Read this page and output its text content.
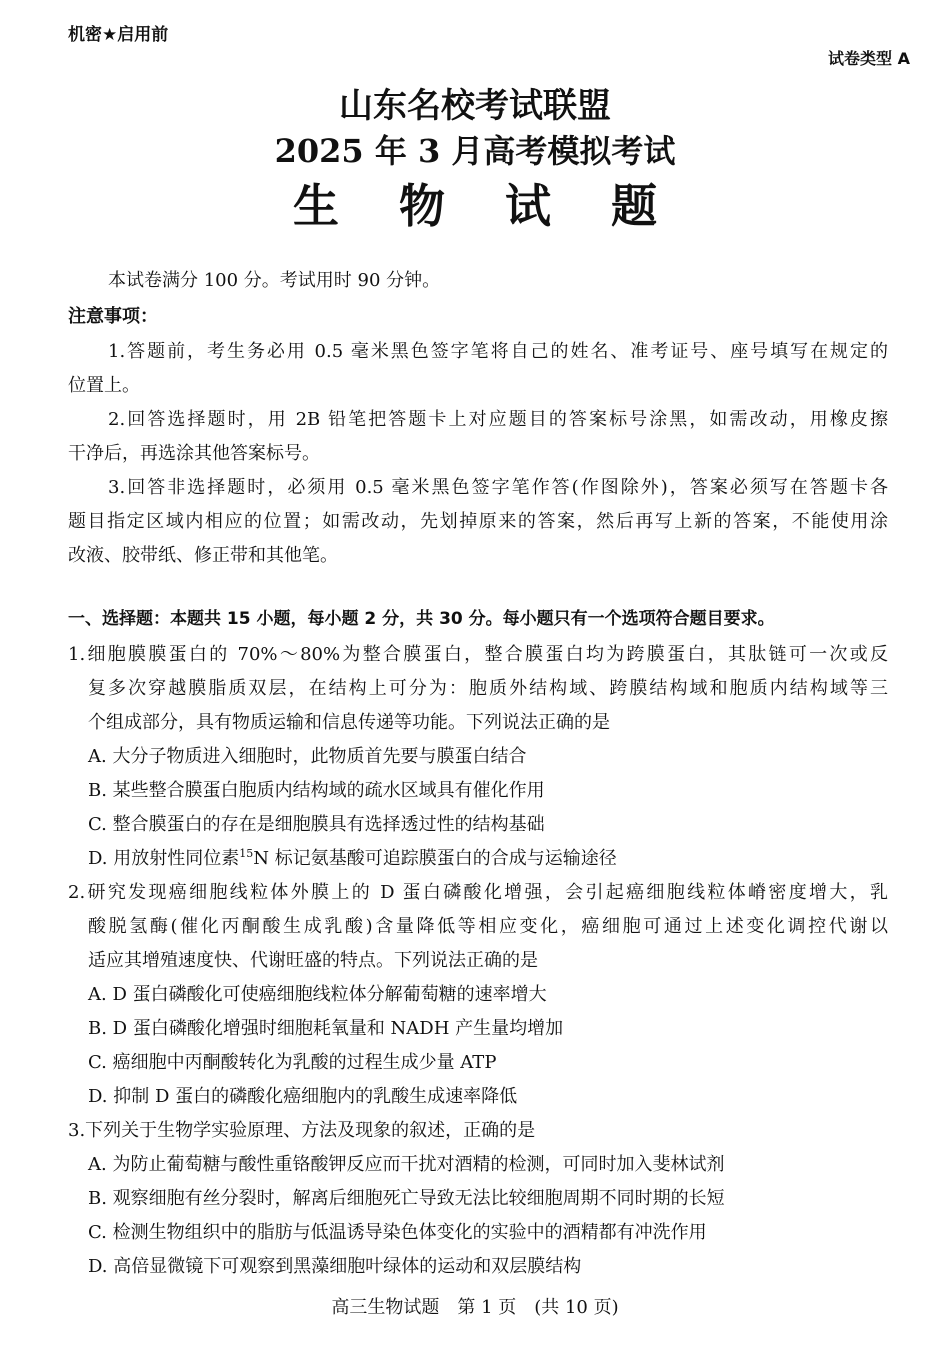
机密★启用前
试卷类型 A
山东名校考试联盟
2025 年 3 月高考模拟考试
生 物 试 题
本试卷满分 100 分。考试用时 90 分钟。
注意事项：
1.答题前，考生务必用 0.5 毫米黑色签字笔将自己的姓名、准考证号、座号填写在规定的
位置上。
2.回答选择题时，用 2B 铅笔把答题卡上对应题目的答案标号涂黑，如需改动，用橡皮擦
干净后，再选涂其他答案标号。
3.回答非选择题时，必须用 0.5 毫米黑色签字笔作答(作图除外)，答案必须写在答题卡各
题目指定区域内相应的位置；如需改动，先划掉原来的答案，然后再写上新的答案，不能使用涂
改液、胶带纸、修正带和其他笔。
一、选择题：本题共 15 小题，每小题 2 分，共 30 分。每小题只有一个选项符合题目要求。
1.细胞膜膜蛋白的 70%～80%为整合膜蛋白，整合膜蛋白均为跨膜蛋白，其肽链可一次或反
复多次穿越膜脂质双层，在结构上可分为：胞质外结构域、跨膜结构域和胞质内结构域等三
个组成部分，具有物质运输和信息传递等功能。下列说法正确的是
A. 大分子物质进入细胞时，此物质首先要与膜蛋白结合
B. 某些整合膜蛋白胞质内结构域的疏水区域具有催化作用
C. 整合膜蛋白的存在是细胞膜具有选择透过性的结构基础
D. 用放射性同位素$^{15}$N 标记氨基酸可追踪膜蛋白的合成与运输途径
2.研究发现癌细胞线粒体外膜上的 D 蛋白磷酸化增强，会引起癌细胞线粒体嵴密度增大，乳
酸脱氢酶(催化丙酮酸生成乳酸)含量降低等相应变化，癌细胞可通过上述变化调控代谢以
适应其增殖速度快、代谢旺盛的特点。下列说法正确的是
A. D 蛋白磷酸化可使癌细胞线粒体分解葡萄糖的速率增大
B. D 蛋白磷酸化增强时细胞耗氧量和 NADH 产生量均增加
C. 癌细胞中丙酮酸转化为乳酸的过程生成少量 ATP
D. 抑制 D 蛋白的磷酸化癌细胞内的乳酸生成速率降低
3.下列关于生物学实验原理、方法及现象的叙述，正确的是
A. 为防止葡萄糖与酸性重铬酸钾反应而干扰对酒精的检测，可同时加入斐林试剂
B. 观察细胞有丝分裂时，解离后细胞死亡导致无法比较细胞周期不同时期的长短
C. 检测生物组织中的脂肪与低温诱导染色体变化的实验中的酒精都有冲洗作用
D. 高倍显微镜下可观察到黑藻细胞叶绿体的运动和双层膜结构
高三生物试题　第 1 页　(共 10 页)
